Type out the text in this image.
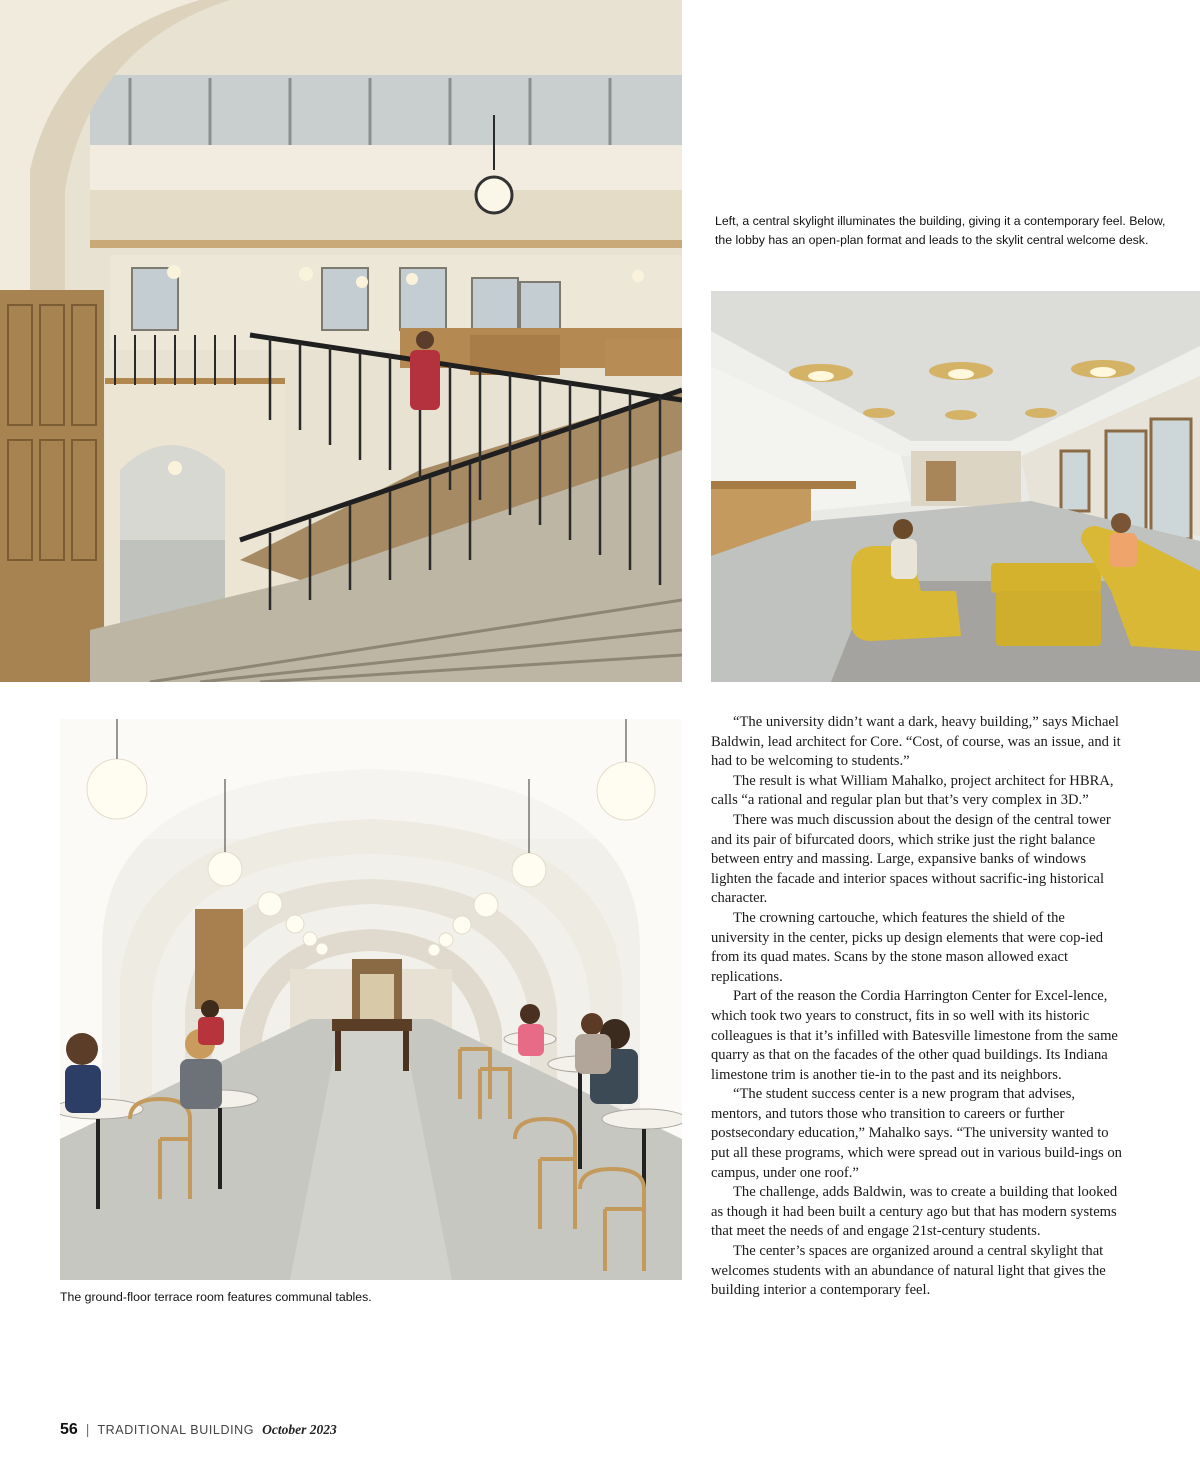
Left, a central skylight illuminates the building, giving it a contemporary feel. Below, the lobby has an open-plan format and leads to the skylit central welcome desk.
The ground-floor terrace room features communal tables.

“The university didn’t want a dark, heavy building,” says Michael Baldwin, lead architect for Core. “Cost, of course, was an issue, and it had to be welcoming to students.”

The result is what William Mahalko, project architect for HBRA, calls “a rational and regular plan but that’s very complex in 3D.”

There was much discussion about the design of the central tower and its pair of bifurcated doors, which strike just the right balance between entry and massing. Large, expansive banks of windows lighten the facade and interior spaces without sacrific-ing historical character.

The crowning cartouche, which features the shield of the university in the center, picks up design elements that were cop-ied from its quad mates. Scans by the stone mason allowed exact replications.

Part of the reason the Cordia Harrington Center for Excel-lence, which took two years to construct, fits in so well with its historic colleagues is that it’s infilled with Batesville limestone from the same quarry as that on the facades of the other quad buildings. Its Indiana limestone trim is another tie-in to the past and its neighbors.

“The student success center is a new program that advises, mentors, and tutors those who transition to careers or further postsecondary education,” Mahalko says. “The university wanted to put all these programs, which were spread out in various build-ings on campus, under one roof.”

The challenge, adds Baldwin, was to create a building that looked as though it had been built a century ago but that has modern systems that meet the needs of and engage 21st-century students.

The center’s spaces are organized around a central skylight that welcomes students with an abundance of natural light that gives the building interior a contemporary feel.

56 | TRADITIONAL BUILDING October 2023
